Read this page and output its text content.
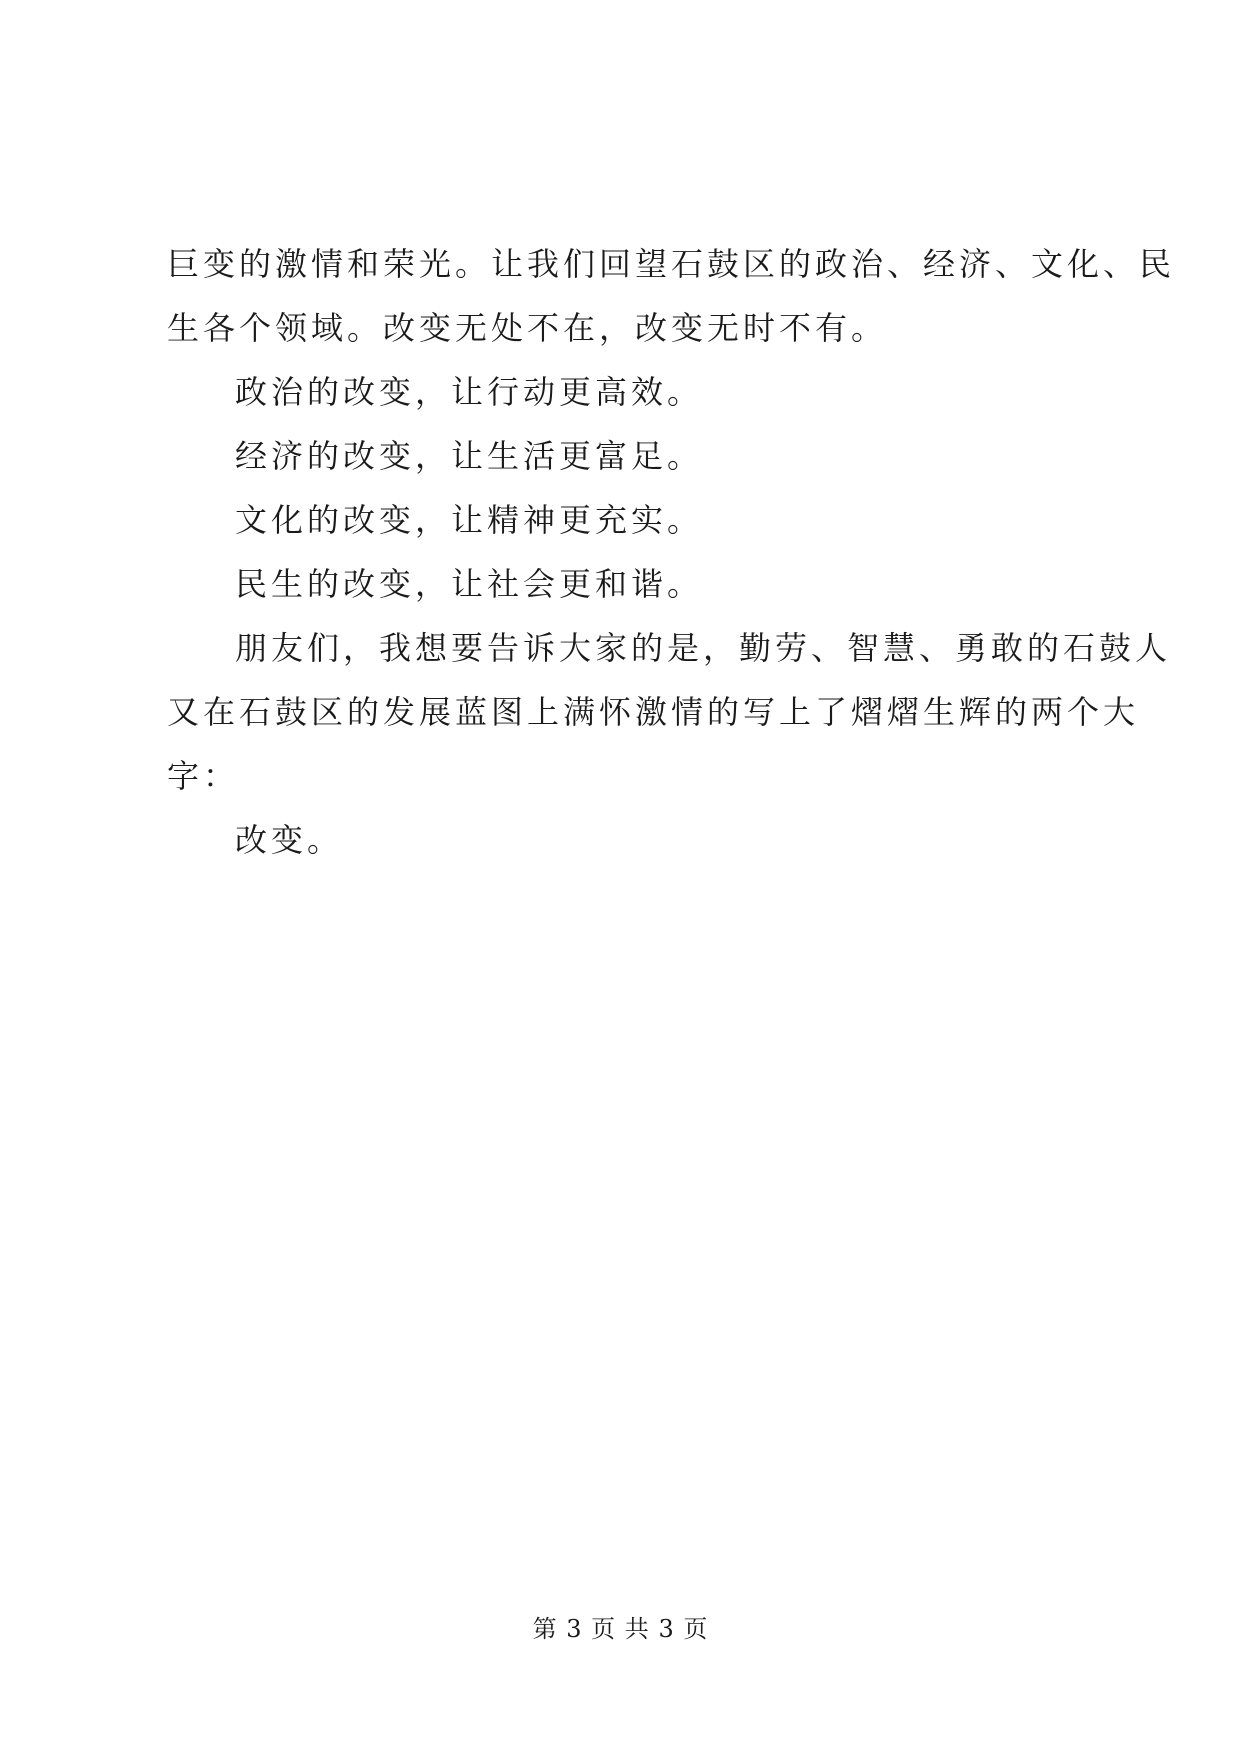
巨变的激情和荣光。让我们回望石鼓区的政治、经济、文化、民
生各个领域。改变无处不在，改变无时不有。
政治的改变，让行动更高效。
经济的改变，让生活更富足。
文化的改变，让精神更充实。
民生的改变，让社会更和谐。
朋友们，我想要告诉大家的是，勤劳、智慧、勇敢的石鼓人
又在石鼓区的发展蓝图上满怀激情的写上了熠熠生辉的两个大
字：
改变。
第 3 页 共 3 页
